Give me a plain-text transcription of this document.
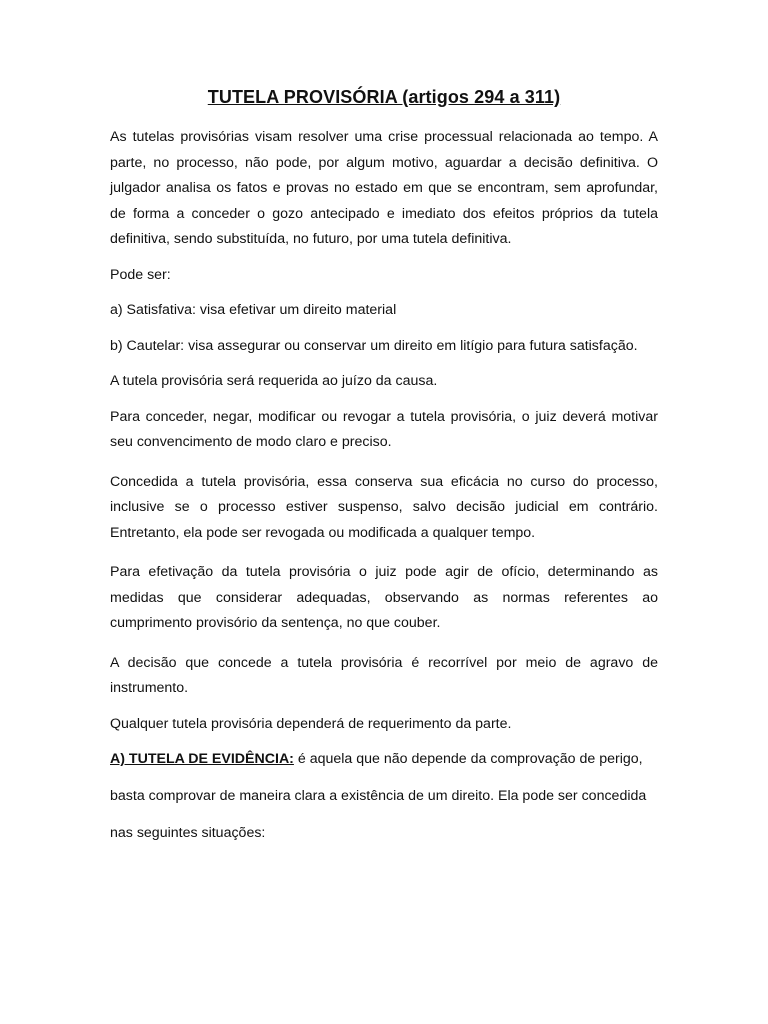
TUTELA PROVISÓRIA (artigos 294 a 311)

As tutelas provisórias visam resolver uma crise processual relacionada ao tempo. A parte, no processo, não pode, por algum motivo, aguardar a decisão definitiva. O julgador analisa os fatos e provas no estado em que se encontram, sem aprofundar, de forma a conceder o gozo antecipado e imediato dos efeitos próprios da tutela definitiva, sendo substituída, no futuro, por uma tutela definitiva.

Pode ser:

a) Satisfativa: visa efetivar um direito material

b) Cautelar: visa assegurar ou conservar um direito em litígio para futura satisfação.

A tutela provisória será requerida ao juízo da causa.

Para conceder, negar, modificar ou revogar a tutela provisória, o juiz deverá motivar seu convencimento de modo claro e preciso.

Concedida a tutela provisória, essa conserva sua eficácia no curso do processo, inclusive se o processo estiver suspenso, salvo decisão judicial em contrário. Entretanto, ela pode ser revogada ou modificada a qualquer tempo.

Para efetivação da tutela provisória o juiz pode agir de ofício, determinando as medidas que considerar adequadas, observando as normas referentes ao cumprimento provisório da sentença, no que couber.

A decisão que concede a tutela provisória é recorrível por meio de agravo de instrumento.

Qualquer tutela provisória dependerá de requerimento da parte.

A) TUTELA DE EVIDÊNCIA: é aquela que não depende da comprovação de perigo, basta comprovar de maneira clara a existência de um direito. Ela pode ser concedida nas seguintes situações:
